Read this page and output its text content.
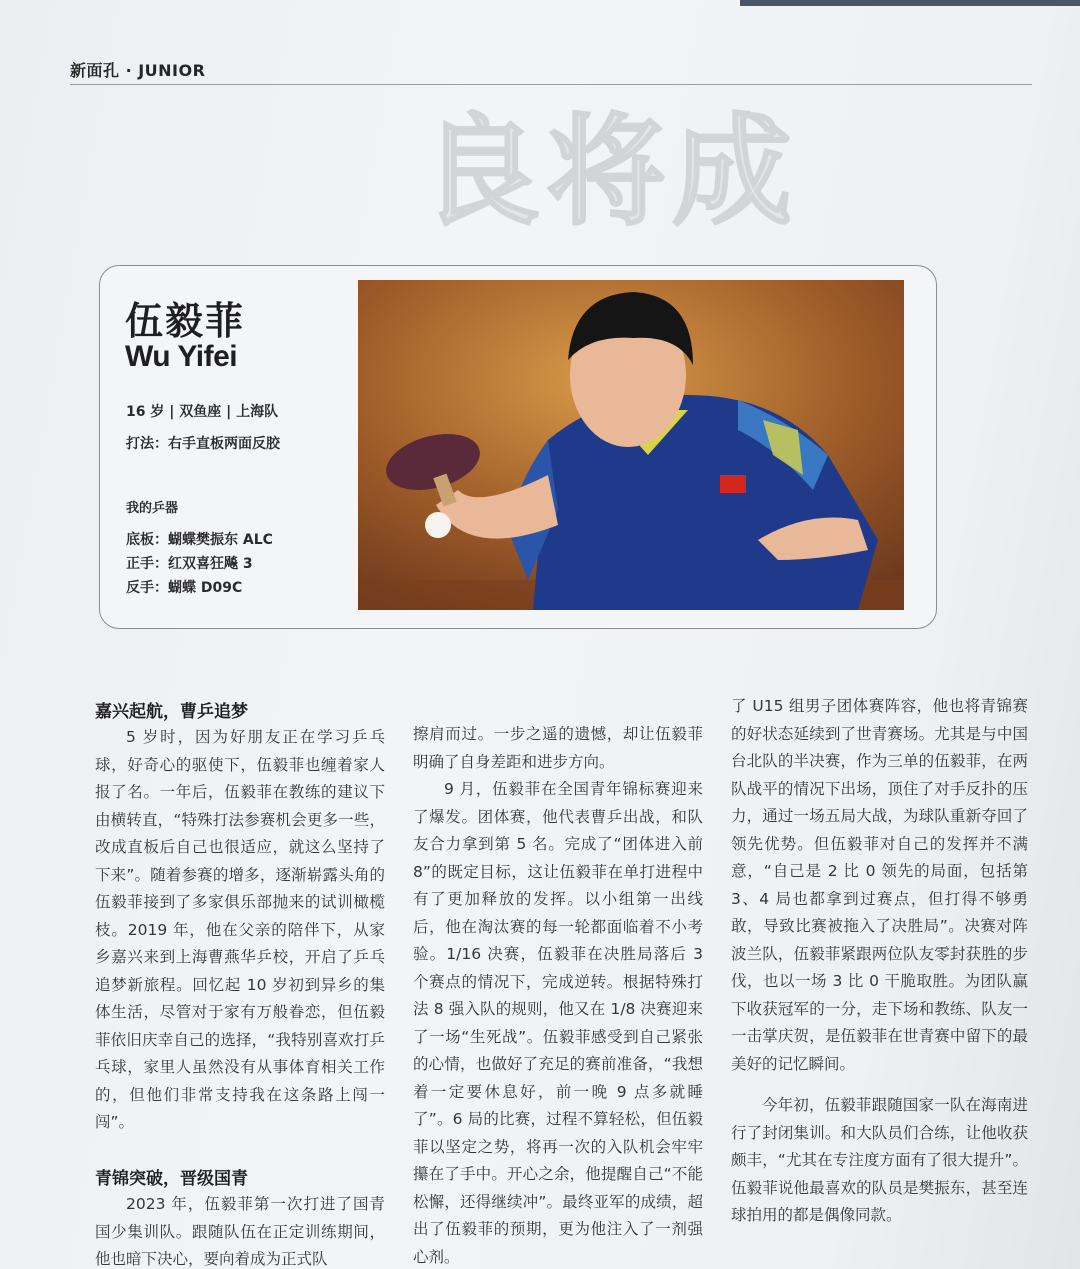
新面孔 · JUNIOR
良将成
伍毅菲
Wu Yifei
16 岁 | 双鱼座 | 上海队
打法：右手直板两面反胶
我的乒器
底板：蝴蝶樊振东 ALC
正手：红双喜狂飚 3
反手：蝴蝶 D09C
嘉兴起航，曹乒追梦

5 岁时，因为好朋友正在学习乒乓球，好奇心的驱使下，伍毅菲也缠着家人报了名。一年后，伍毅菲在教练的建议下由横转直，“特殊打法参赛机会更多一些，改成直板后自己也很适应，就这么坚持了下来”。随着参赛的增多，逐渐崭露头角的伍毅菲接到了多家俱乐部抛来的试训橄榄枝。2019 年，他在父亲的陪伴下，从家乡嘉兴来到上海曹燕华乒校，开启了乒乓追梦新旅程。回忆起 10 岁初到异乡的集体生活，尽管对于家有万般眷恋，但伍毅菲依旧庆幸自己的选择，“我特别喜欢打乒乓球，家里人虽然没有从事体育相关工作的，但他们非常支持我在这条路上闯一闯”。

青锦突破，晋级国青

2023 年，伍毅菲第一次打进了国青国少集训队。跟随队伍在正定训练期间，他也暗下决心，要向着成为正式队

擦肩而过。一步之遥的遗憾，却让伍毅菲明确了自身差距和进步方向。

9 月，伍毅菲在全国青年锦标赛迎来了爆发。团体赛，他代表曹乒出战，和队友合力拿到第 5 名。完成了“团体进入前 8”的既定目标，这让伍毅菲在单打进程中有了更加释放的发挥。以小组第一出线后，他在淘汰赛的每一轮都面临着不小考验。1/16 决赛，伍毅菲在决胜局落后 3 个赛点的情况下，完成逆转。根据特殊打法 8 强入队的规则，他又在 1/8 决赛迎来了一场“生死战”。伍毅菲感受到自己紧张的心情，也做好了充足的赛前准备，“我想着一定要休息好，前一晚 9 点多就睡了”。6 局的比赛，过程不算轻松，但伍毅菲以坚定之势，将再一次的入队机会牢牢攥在了手中。开心之余，他提醒自己“不能松懈，还得继续冲”。最终亚军的成绩，超出了伍毅菲的预期，更为他注入了一剂强心剂。

了 U15 组男子团体赛阵容，他也将青锦赛的好状态延续到了世青赛场。尤其是与中国台北队的半决赛，作为三单的伍毅菲，在两队战平的情况下出场，顶住了对手反扑的压力，通过一场五局大战，为球队重新夺回了领先优势。但伍毅菲对自己的发挥并不满意，“自己是 2 比 0 领先的局面，包括第 3、4 局也都拿到过赛点，但打得不够勇敢，导致比赛被拖入了决胜局”。决赛对阵波兰队，伍毅菲紧跟两位队友零封获胜的步伐，也以一场 3 比 0 干脆取胜。为团队赢下收获冠军的一分，走下场和教练、队友一一击掌庆贺，是伍毅菲在世青赛中留下的最美好的记忆瞬间。

今年初，伍毅菲跟随国家一队在海南进行了封闭集训。和大队员们合练，让他收获颇丰，“尤其在专注度方面有了很大提升”。伍毅菲说他最喜欢的队员是樊振东，甚至连球拍用的都是偶像同款。
